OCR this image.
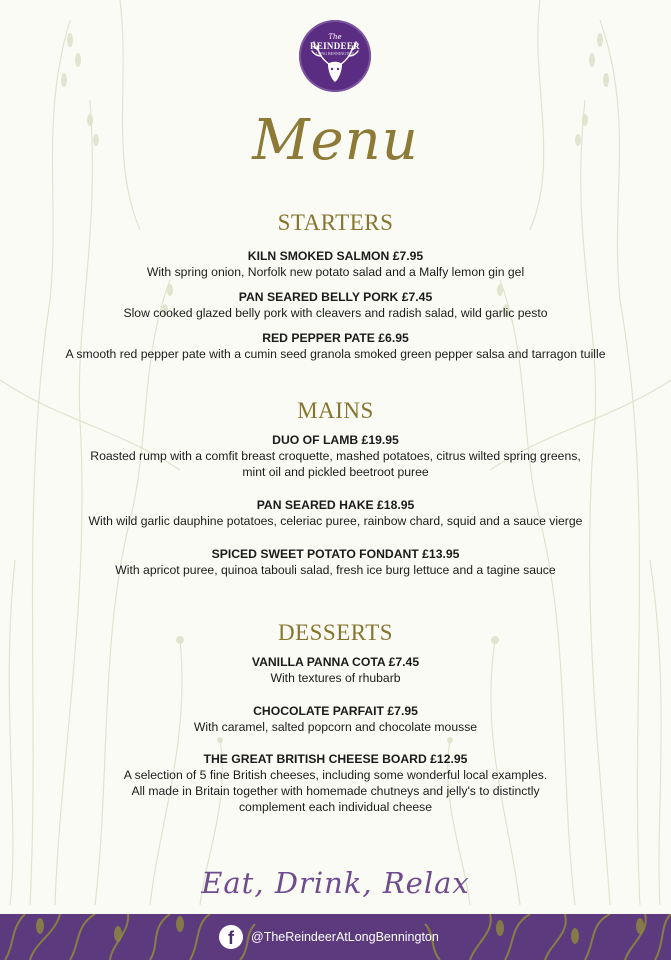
The
REINDEER
LONG BENNINGTON
Menu
STARTERS
KILN SMOKED SALMON £7.95
With spring onion, Norfolk new potato salad and a Malfy lemon gin gel
PAN SEARED BELLY PORK £7.45
Slow cooked glazed belly pork with cleavers and radish salad, wild garlic pesto
RED PEPPER PATE £6.95
A smooth red pepper pate with a cumin seed granola smoked green pepper salsa and tarragon tuille
MAINS
DUO OF LAMB £19.95
Roasted rump with a comfit breast croquette, mashed potatoes, citrus wilted spring greens,
mint oil and pickled beetroot puree
PAN SEARED HAKE £18.95
With wild garlic dauphine potatoes, celeriac puree, rainbow chard, squid and a sauce vierge
SPICED SWEET POTATO FONDANT £13.95
With apricot puree, quinoa tabouli salad, fresh ice burg lettuce and a tagine sauce
DESSERTS
VANILLA PANNA COTA £7.45
With textures of rhubarb
CHOCOLATE PARFAIT £7.95
With caramel, salted popcorn and chocolate mousse
THE GREAT BRITISH CHEESE BOARD £12.95
A selection of 5 fine British cheeses, including some wonderful local examples.
All made in Britain together with homemade chutneys and jelly's to distinctly
complement each individual cheese
Eat, Drink, Relax
f	@TheReindeerAtLongBennington
